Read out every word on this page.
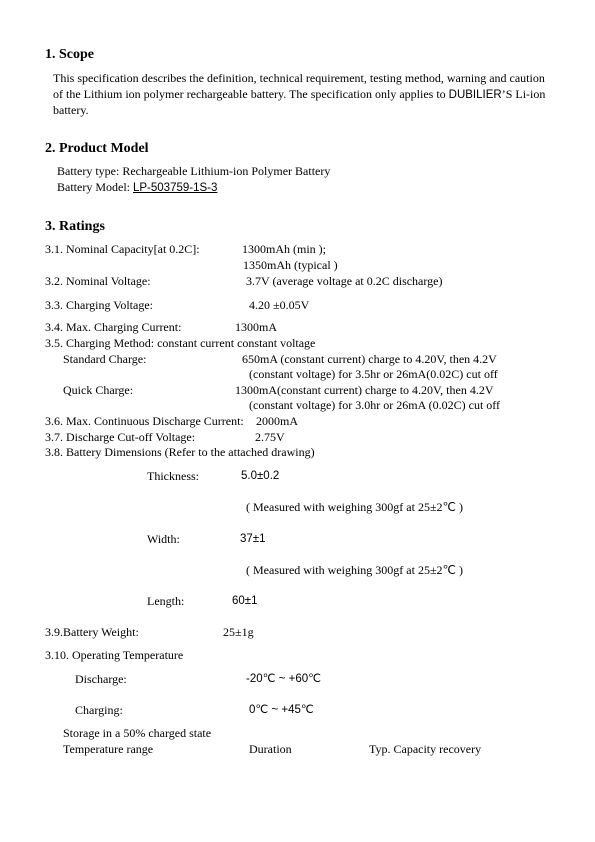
1. Scope
This specification describes the definition, technical requirement, testing method, warning and caution
of the Lithium ion polymer rechargeable battery. The specification only applies to DUBILIER’S Li-ion
battery.
2. Product Model
Battery type: Rechargeable Lithium-ion Polymer Battery
Battery Model: LP-503759-1S-3
3. Ratings
3.1. Nominal Capacity[at 0.2C]:	1300mAh (min );
1350mAh (typical )
3.2. Nominal Voltage:	3.7V (average voltage at 0.2C discharge)
3.3. Charging Voltage:	4.20 ±0.05V
3.4. Max. Charging Current:	1300mA
3.5. Charging Method: constant current constant voltage
Standard Charge:	650mA (constant current) charge to 4.20V, then 4.2V
(constant voltage) for 3.5hr or 26mA(0.02C) cut off
Quick Charge:	1300mA(constant current) charge to 4.20V, then 4.2V
(constant voltage) for 3.0hr or 26mA (0.02C) cut off
3.6. Max. Continuous Discharge Current: 2000mA
3.7. Discharge Cut-off Voltage:	2.75V
3.8. Battery Dimensions (Refer to the attached drawing)
Thickness:	5.0±0.2
( Measured with weighing 300gf at 25±2℃ )
Width:	37±1
( Measured with weighing 300gf at 25±2℃ )
Length:	60±1
3.9.Battery Weight:	25±1g
3.10. Operating Temperature
Discharge:	-20℃ ~ +60℃
Charging:	0℃ ~ +45℃
Storage in a 50% charged state
Temperature range	Duration	Typ. Capacity recovery
